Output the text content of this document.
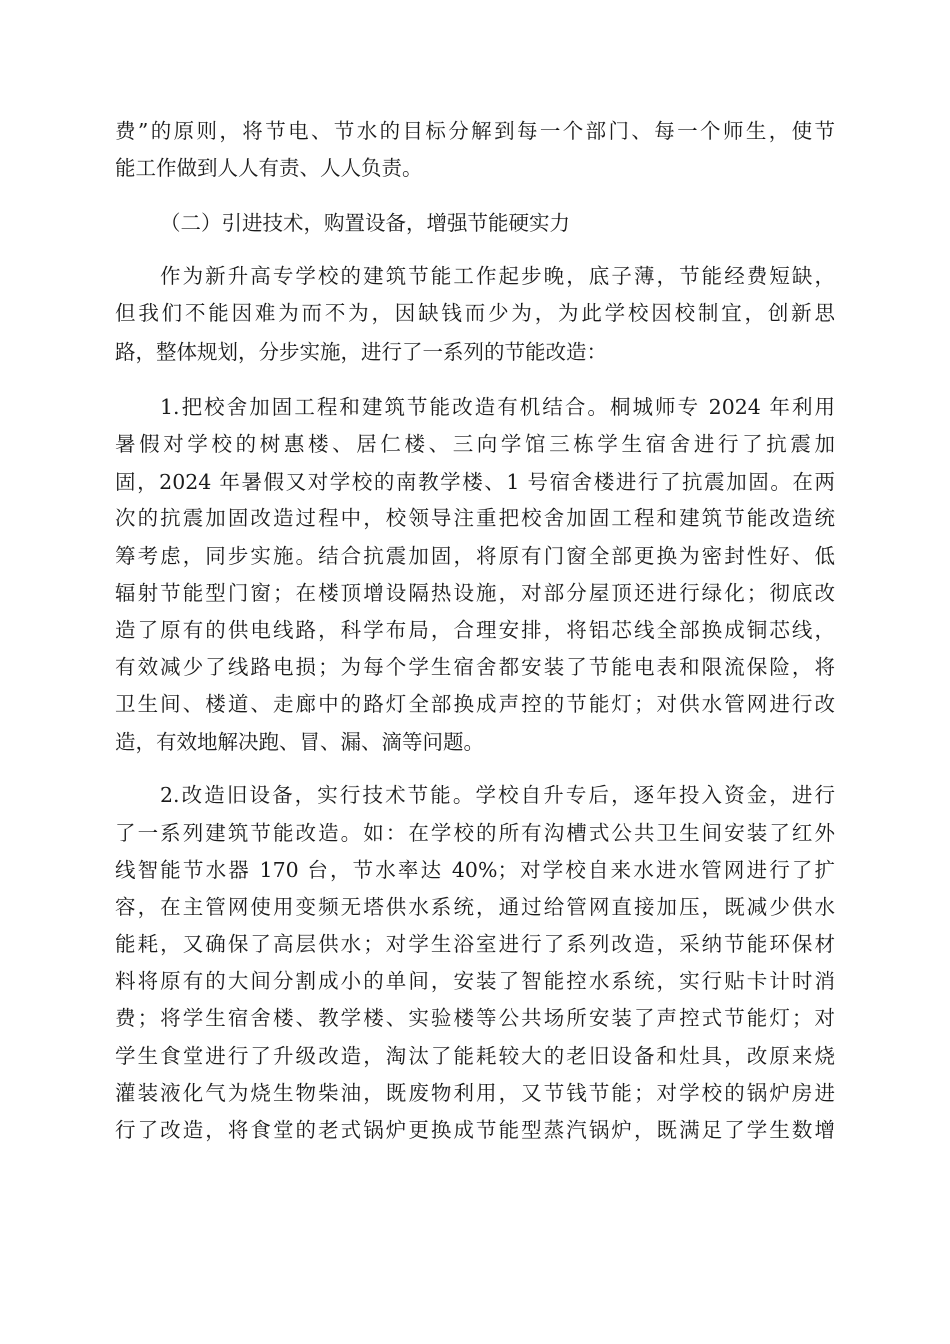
费”的原则，将节电、节水的目标分解到每一个部门、每一个师生，使节
能工作做到人人有责、人人负责。
（二）引进技术，购置设备，增强节能硬实力
作为新升高专学校的建筑节能工作起步晚，底子薄，节能经费短缺，
但我们不能因难为而不为，因缺钱而少为，为此学校因校制宜，创新思
路，整体规划，分步实施，进行了一系列的节能改造：
1.把校舍加固工程和建筑节能改造有机结合。桐城师专 2024 年利用
暑假对学校的树惠楼、居仁楼、三向学馆三栋学生宿舍进行了抗震加
固，2024 年暑假又对学校的南教学楼、1 号宿舍楼进行了抗震加固。在两
次的抗震加固改造过程中，校领导注重把校舍加固工程和建筑节能改造统
筹考虑，同步实施。结合抗震加固，将原有门窗全部更换为密封性好、低
辐射节能型门窗；在楼顶增设隔热设施，对部分屋顶还进行绿化；彻底改
造了原有的供电线路，科学布局，合理安排，将铝芯线全部换成铜芯线，
有效减少了线路电损；为每个学生宿舍都安装了节能电表和限流保险，将
卫生间、楼道、走廊中的路灯全部换成声控的节能灯；对供水管网进行改
造，有效地解决跑、冒、漏、滴等问题。
2.改造旧设备，实行技术节能。学校自升专后，逐年投入资金，进行
了一系列建筑节能改造。如：在学校的所有沟槽式公共卫生间安装了红外
线智能节水器 170 台，节水率达 40%；对学校自来水进水管网进行了扩
容，在主管网使用变频无塔供水系统，通过给管网直接加压，既减少供水
能耗，又确保了高层供水；对学生浴室进行了系列改造，采纳节能环保材
料将原有的大间分割成小的单间，安装了智能控水系统，实行贴卡计时消
费；将学生宿舍楼、教学楼、实验楼等公共场所安装了声控式节能灯；对
学生食堂进行了升级改造，淘汰了能耗较大的老旧设备和灶具，改原来烧
灌装液化气为烧生物柴油，既废物利用，又节钱节能；对学校的锅炉房进
行了改造，将食堂的老式锅炉更换成节能型蒸汽锅炉，既满足了学生数增
